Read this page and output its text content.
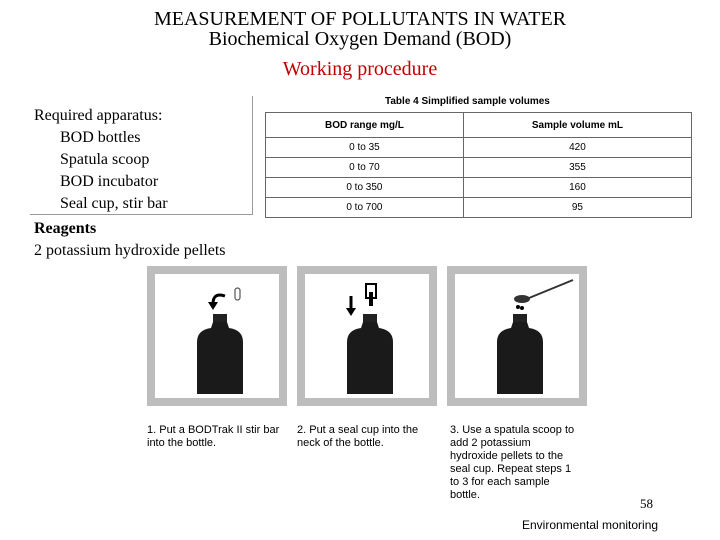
MEASUREMENT OF POLLUTANTS IN WATER
Biochemical Oxygen Demand (BOD)
Working procedure
Required apparatus:
BOD bottles
Spatula scoop
BOD incubator
Seal cup, stir bar
Reagents
2 potassium hydroxide pellets
Table 4 Simplified sample volumes
BOD range mg/L	Sample volume mL
0 to 35	420
0 to 70	355
0 to 350	160
0 to 700	95
1. Put a BODTrak II stir bar into the bottle.
2. Put a seal cup into the neck of the bottle.
3. Use a spatula scoop to add 2 potassium hydroxide pellets to the seal cup. Repeat steps 1 to 3 for each sample bottle.
58
Environmental monitoring
